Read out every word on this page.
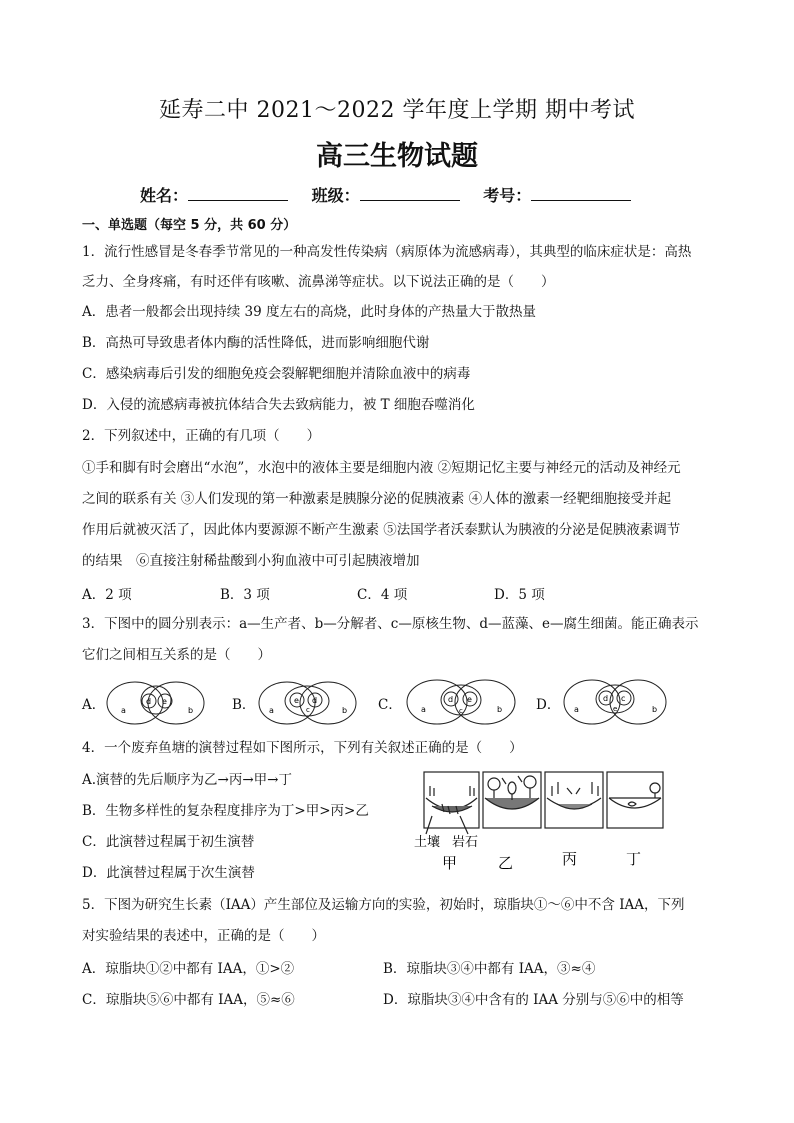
延寿二中 2021～2022 学年度上学期 期中考试
高三生物试题
姓名：	班级：	考号：
一、单选题（每空 5 分，共 60 分）
1．流行性感冒是冬春季节常见的一种高发性传染病（病原体为流感病毒），其典型的临床症状是：高热
乏力、全身疼痛，有时还伴有咳嗽、流鼻涕等症状。以下说法正确的是（　　）
A．患者一般都会出现持续 39 度左右的高烧，此时身体的产热量大于散热量
B．高热可导致患者体内酶的活性降低，进而影响细胞代谢
C．感染病毒后引发的细胞免疫会裂解靶细胞并清除血液中的病毒
D．入侵的流感病毒被抗体结合失去致病能力，被 T 细胞吞噬消化
2．下列叙述中，正确的有几项（　　）
①手和脚有时会磨出“水泡”，水泡中的液体主要是细胞内液 ②短期记忆主要与神经元的活动及神经元
之间的联系有关 ③人们发现的第一种激素是胰腺分泌的促胰液素 ④人体的激素一经靶细胞接受并起
作用后就被灭活了，因此体内要源源不断产生激素 ⑤法国学者沃泰默认为胰液的分泌是促胰液素调节
的结果　⑥直接注射稀盐酸到小狗血液中可引起胰液增加
A．2 项	B．3 项	C．4 项	D．5 项
3．下图中的圆分别表示：a—生产者、b—分解者、c—原核生物、d—蓝藻、e—腐生细菌。能正确表示
它们之间相互关系的是（　　）
A．	B．	C．	D．
a
d e
b	a
e d
c	b	a
d e
c	b	a
d c
e	b
4．一个废弃鱼塘的演替过程如下图所示，下列有关叙述正确的是（　　）
A.演替的先后顺序为乙→丙→甲→丁
B．生物多样性的复杂程度排序为丁>甲>丙>乙
C．此演替过程属于初生演替
D．此演替过程属于次生演替
土壤 岩石
甲	乙	丙	丁
5．下图为研究生长素（IAA）产生部位及运输方向的实验，初始时，琼脂块①～⑥中不含 IAA，下列
对实验结果的表述中，正确的是（　　）
A．琼脂块①②中都有 IAA，①>②	B．琼脂块③④中都有 IAA，③≈④
C．琼脂块⑤⑥中都有 IAA，⑤≈⑥	D．琼脂块③④中含有的 IAA 分别与⑤⑥中的相等
